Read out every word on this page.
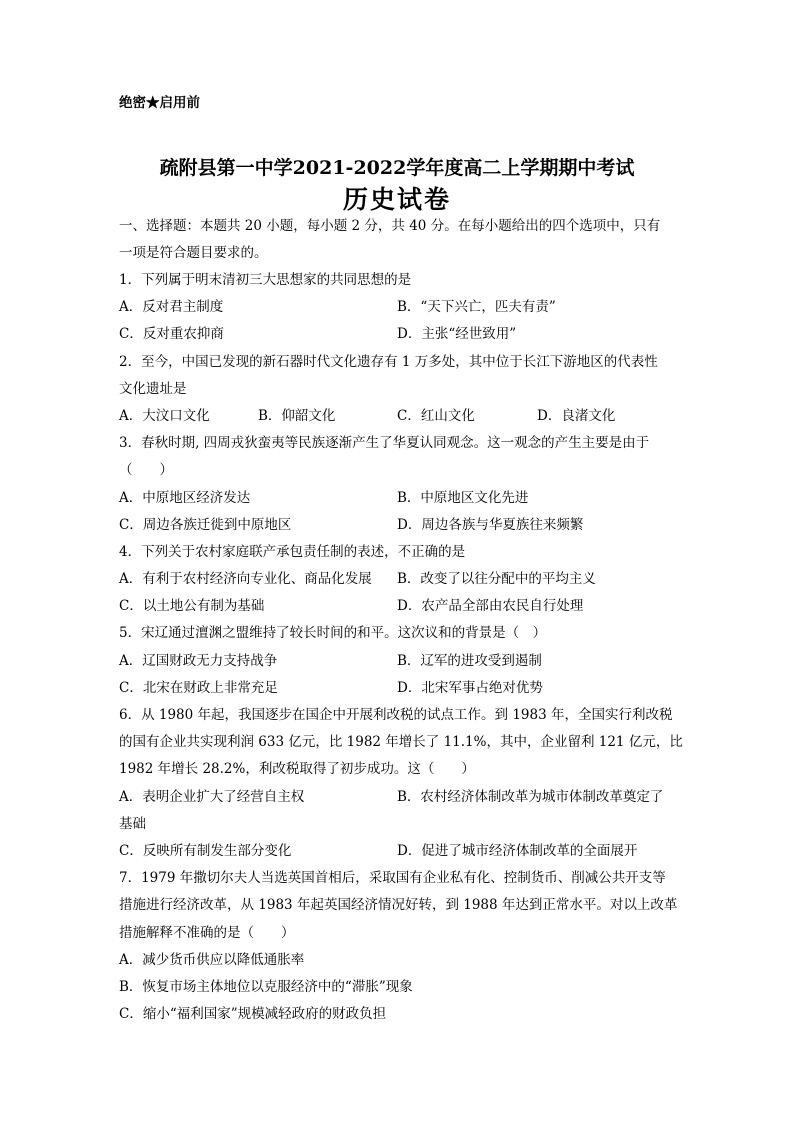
绝密★启用前
疏附县第一中学2021-2022学年度高二上学期期中考试
历史试卷
一、选择题：本题共 20 小题，每小题 2 分，共 40 分。在每小题给出的四个选项中，只有
一项是符合题目要求的。
1．下列属于明末清初三大思想家的共同思想的是
A．反对君主制度	B．“天下兴亡，匹夫有责”
C．反对重农抑商	D．主张“经世致用”
2．至今，中国已发现的新石器时代文化遗存有 1 万多处，其中位于长江下游地区的代表性
文化遗址是
A．大汶口文化	B．仰韶文化	C．红山文化	D．良渚文化
3．春秋时期, 四周戎狄蛮夷等民族逐渐产生了华夏认同观念。这一观念的产生主要是由于
（　　）
A．中原地区经济发达	B．中原地区文化先进
C．周边各族迁徙到中原地区	D．周边各族与华夏族往来频繁
4．下列关于农村家庭联产承包责任制的表述，不正确的是
A．有利于农村经济向专业化、商品化发展 B．改变了以往分配中的平均主义
C．以土地公有制为基础	D．农产品全部由农民自行处理
5．宋辽通过澶渊之盟维持了较长时间的和平。这次议和的背景是（　）
A．辽国财政无力支持战争	B．辽军的进攻受到遏制
C．北宋在财政上非常充足	D．北宋军事占绝对优势
6．从 1980 年起，我国逐步在国企中开展利改税的试点工作。到 1983 年，全国实行利改税
的国有企业共实现利润 633 亿元，比 1982 年增长了 11.1%，其中，企业留利 121 亿元，比
1982 年增长 28.2%，利改税取得了初步成功。这（　　）
A．表明企业扩大了经营自主权	B．农村经济体制改革为城市体制改革奠定了
基础
C．反映所有制发生部分变化	D．促进了城市经济体制改革的全面展开
7．1979 年撒切尔夫人当选英国首相后，采取国有企业私有化、控制货币、削减公共开支等
措施进行经济改革，从 1983 年起英国经济情况好转，到 1988 年达到正常水平。对以上改革
措施解释不准确的是（　　）
A．减少货币供应以降低通胀率
B．恢复市场主体地位以克服经济中的“滞胀”现象
C．缩小“福利国家”规模减轻政府的财政负担
